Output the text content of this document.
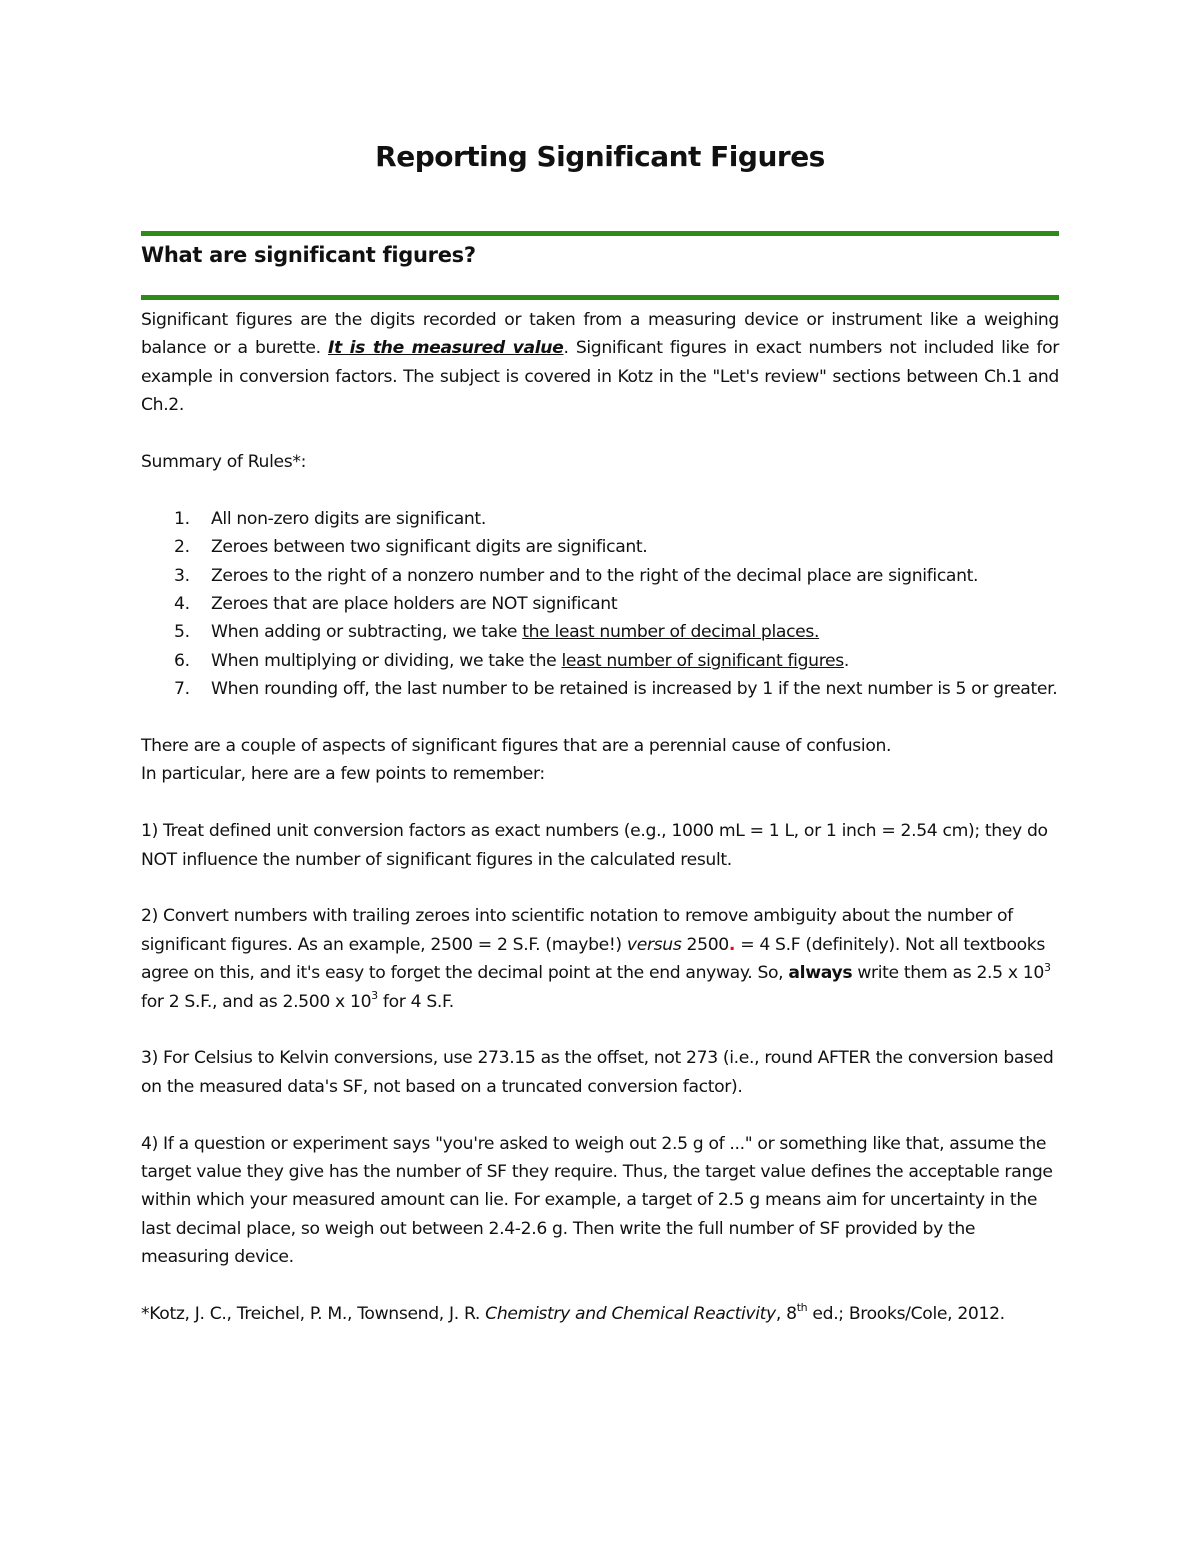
Reporting Significant Figures
What are significant figures?

Significant figures are the digits recorded or taken from a measuring device or instrument like a weighing balance or a burette. It is the measured value. Significant figures in exact numbers not included like for example in conversion factors. The subject is covered in Kotz in the "Let's review" sections between Ch.1 and Ch.2.

Summary of Rules*:

1. All non-zero digits are significant.
2. Zeroes between two significant digits are significant.
3. Zeroes to the right of a nonzero number and to the right of the decimal place are significant.
4. Zeroes that are place holders are NOT significant
5. When adding or subtracting, we take the least number of decimal places.
6. When multiplying or dividing, we take the least number of significant figures.
7. When rounding off, the last number to be retained is increased by 1 if the next number is 5 or greater.

There are a couple of aspects of significant figures that are a perennial cause of confusion.

In particular, here are a few points to remember:

1) Treat defined unit conversion factors as exact numbers (e.g., 1000 mL = 1 L, or 1 inch = 2.54 cm); they do NOT influence the number of significant figures in the calculated result.

2) Convert numbers with trailing zeroes into scientific notation to remove ambiguity about the number of significant figures. As an example, 2500 = 2 S.F. (maybe!) versus 2500. = 4 S.F (definitely). Not all textbooks agree on this, and it's easy to forget the decimal point at the end anyway. So, always write them as 2.5 x $10^3$ for 2 S.F., and as 2.500 x $10^3$ for 4 S.F.

3) For Celsius to Kelvin conversions, use 273.15 as the offset, not 273 (i.e., round AFTER the conversion based on the measured data's SF, not based on a truncated conversion factor).

4) If a question or experiment says "you're asked to weigh out 2.5 g of ..." or something like that, assume the target value they give has the number of SF they require. Thus, the target value defines the acceptable range within which your measured amount can lie. For example, a target of 2.5 g means aim for uncertainty in the last decimal place, so weigh out between 2.4-2.6 g. Then write the full number of SF provided by the measuring device.

*Kotz, J. C., Treichel, P. M., Townsend, J. R. Chemistry and Chemical Reactivity, 8th ed.; Brooks/Cole, 2012.
